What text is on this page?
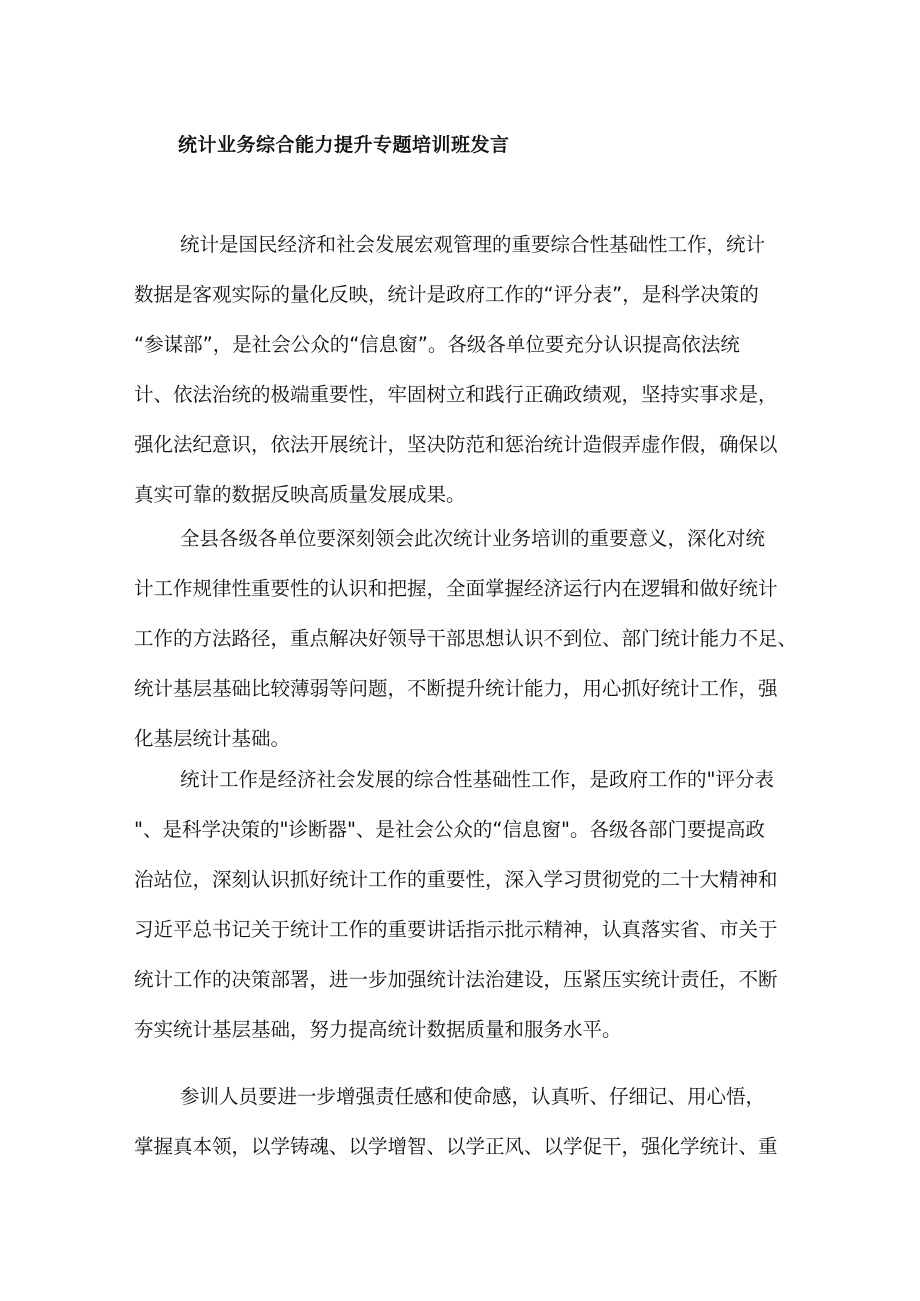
统计业务综合能力提升专题培训班发言
统计是国民经济和社会发展宏观管理的重要综合性基础性工作，统计
数据是客观实际的量化反映，统计是政府工作的“评分表”，是科学决策的
“参谋部”，是社会公众的“信息窗”。各级各单位要充分认识提高依法统
计、依法治统的极端重要性，牢固树立和践行正确政绩观，坚持实事求是，
强化法纪意识，依法开展统计，坚决防范和惩治统计造假弄虚作假，确保以
真实可靠的数据反映高质量发展成果。
全县各级各单位要深刻领会此次统计业务培训的重要意义，深化对统
计工作规律性重要性的认识和把握，全面掌握经济运行内在逻辑和做好统计
工作的方法路径，重点解决好领导干部思想认识不到位、部门统计能力不足、
统计基层基础比较薄弱等问题，不断提升统计能力，用心抓好统计工作，强
化基层统计基础。
统计工作是经济社会发展的综合性基础性工作，是政府工作的"评分表
"、是科学决策的"诊断器"、是社会公众的“信息窗"。各级各部门要提高政
治站位，深刻认识抓好统计工作的重要性，深入学习贯彻党的二十大精神和
习近平总书记关于统计工作的重要讲话指示批示精神，认真落实省、市关于
统计工作的决策部署，进一步加强统计法治建设，压紧压实统计责任，不断
夯实统计基层基础，努力提高统计数据质量和服务水平。
参训人员要进一步增强责任感和使命感，认真听、仔细记、用心悟，
掌握真本领，以学铸魂、以学增智、以学正风、以学促干，强化学统计、重
